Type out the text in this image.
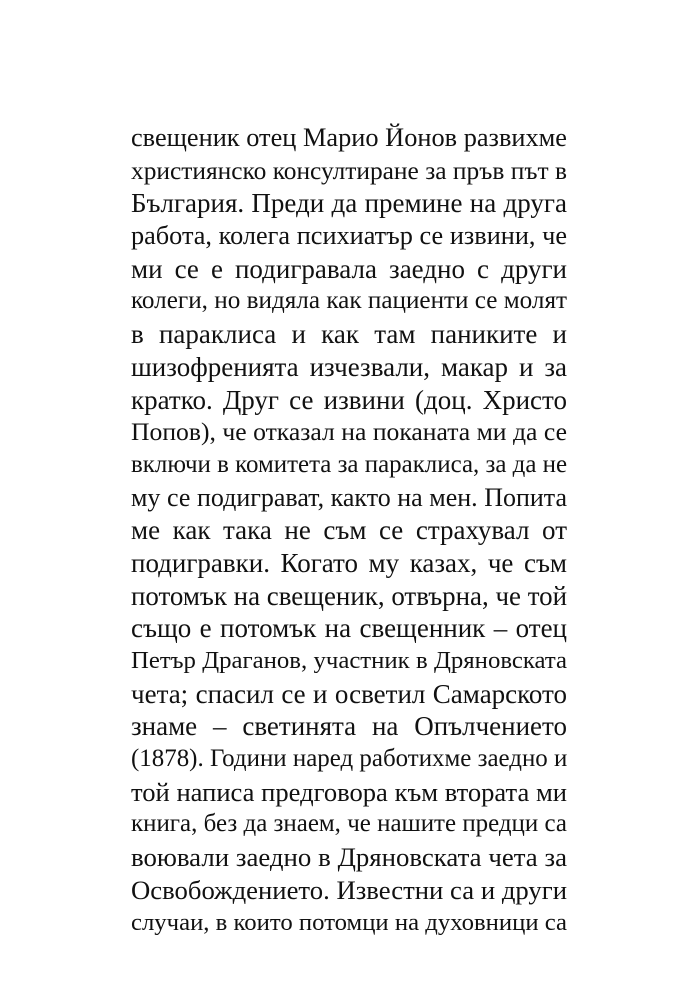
свещеник отец Марио Йонов развихме
християнско консултиране за пръв път в
България. Преди да премине на друга
работа, колега психиатър се извини, че
ми се е подигравала заедно с други
колеги, но видяла как пациенти се молят
в параклиса и как там паниките и
шизофренията изчезвали, макар и за
кратко. Друг се извини (доц. Христо
Попов), че отказал на поканата ми да се
включи в комитета за параклиса, за да не
му се подиграват, както на мен. Попита
ме как така не съм се страхувал от
подигравки. Когато му казах, че съм
потомък на свещеник, отвърна, че той
също е потомък на свещенник – отец
Петър Драганов, участник в Дряновската
чета; спасил се и осветил Самарското
знаме – светинята на Опълчението
(1878). Години наред работихме заедно и
той написа предговора към втората ми
книга, без да знаем, че нашите предци са
воювали заедно в Дряновската чета за
Освобождението. Известни са и други
случаи, в които потомци на духовници са
